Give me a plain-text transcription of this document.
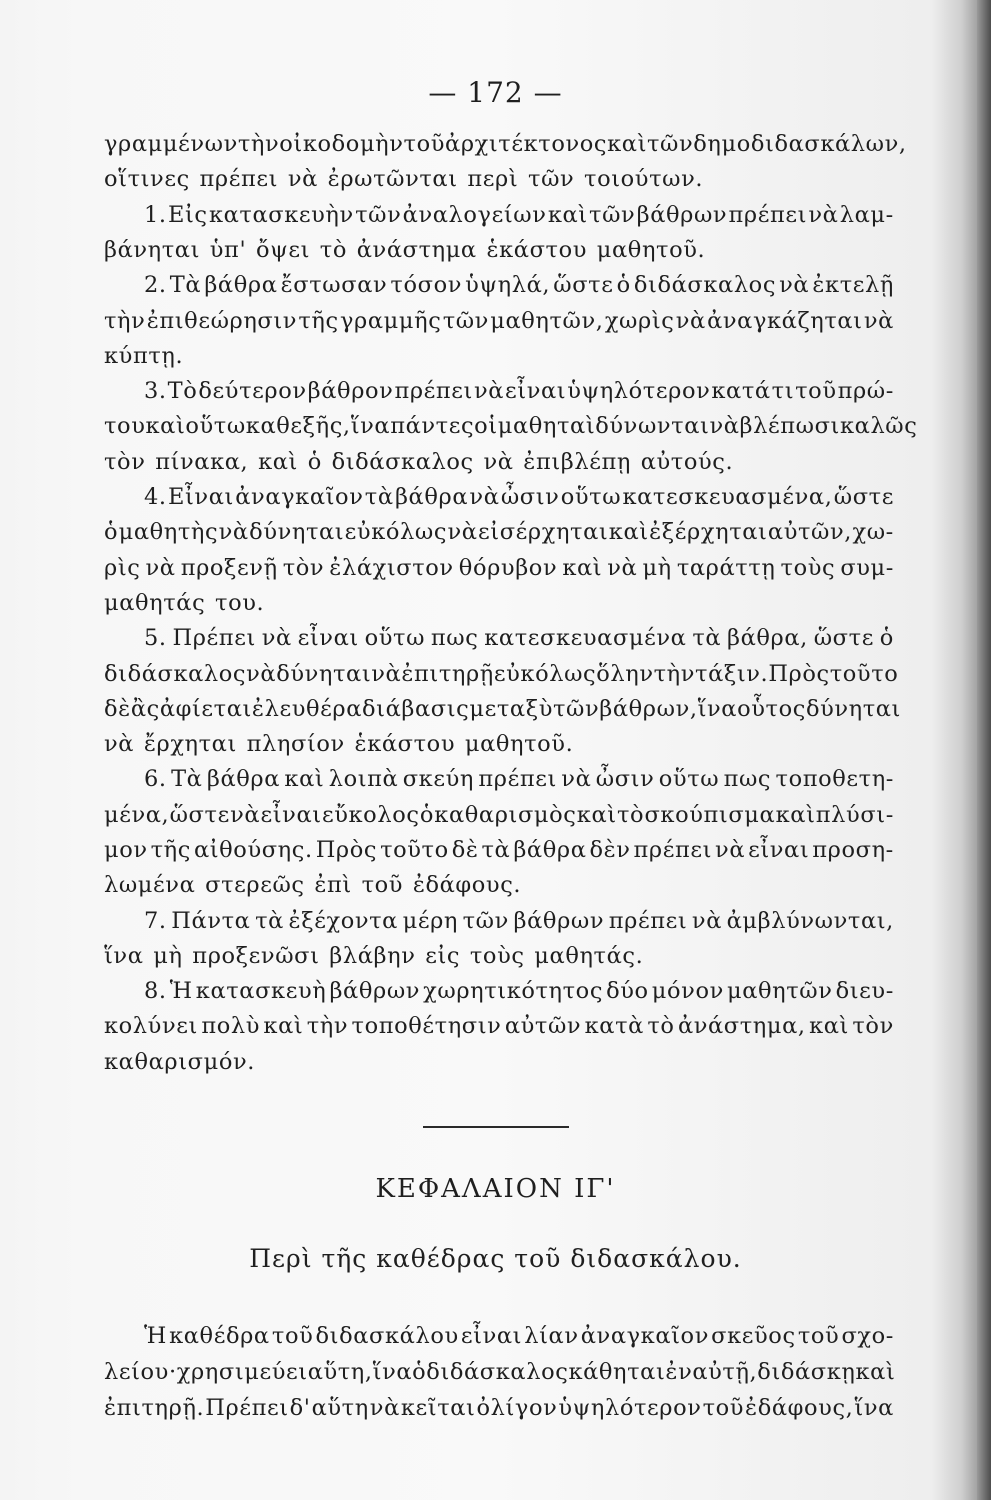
— 172 —
γραμμένων τὴν οἰκοδομὴν τοῦ ἀρχιτέκτονος καὶ τῶν δημοδιδασκάλων,
οἵτινες πρέπει νὰ ἐρωτῶνται περὶ τῶν τοιούτων.
1. Εἰς κατασκευὴν τῶν ἀναλογείων καὶ τῶν βάθρων πρέπει νὰ λαμ-
βάνηται ὑπ' ὄψει τὸ ἀνάστημα ἑκάστου μαθητοῦ.
2. Τὰ βάθρα ἔστωσαν τόσον ὑψηλά, ὥστε ὁ διδάσκαλος νὰ ἐκτελῇ
τὴν ἐπιθεώρησιν τῆς γραμμῆς τῶν μαθητῶν, χωρὶς νὰ ἀναγκάζηται νὰ
κύπτῃ.
3. Τὸ δεύτερον βάθρον πρέπει νὰ εἶναι ὑψηλότερον κατά τι τοῦ πρώ-
του καὶ οὕτω καθεξῆς, ἵνα πάντες οἱ μαθηταὶ δύνωνται νὰ βλέπωσι καλῶς
τὸν πίνακα, καὶ ὁ διδάσκαλος νὰ ἐπιβλέπῃ αὐτούς.
4. Εἶναι ἀναγκαῖον τὰ βάθρα νὰ ὦσιν οὕτω κατεσκευασμένα, ὥστε
ὁ μαθητὴς νὰ δύνηται εὐκόλως νὰ εἰσέρχηται καὶ ἐξέρχηται αὐτῶν, χω-
ρὶς νὰ προξενῇ τὸν ἐλάχιστον θόρυβον καὶ νὰ μὴ ταράττῃ τοὺς συμ-
μαθητάς του.
5. Πρέπει νὰ εἶναι οὕτω πως κατεσκευασμένα τὰ βάθρα, ὥστε ὁ
διδάσκαλος νὰ δύνηται νὰ ἐπιτηρῇ εὐκόλως ὅλην τὴν τάξιν. Πρὸς τοῦτο
δὲ ἂς ἀφίεται ἐλευθέρα διάβασις μεταξὺ τῶν βάθρων, ἵνα οὗτος δύνηται
νὰ ἔρχηται πλησίον ἑκάστου μαθητοῦ.
6. Τὰ βάθρα καὶ λοιπὰ σκεύη πρέπει νὰ ὦσιν οὕτω πως τοποθετη-
μένα, ὥστε νὰ εἶναι εὔκολος ὁ καθαρισμὸς καὶ τὸ σκούπισμα καὶ πλύσι-
μον τῆς αἰθούσης. Πρὸς τοῦτο δὲ τὰ βάθρα δὲν πρέπει νὰ εἶναι προση-
λωμένα στερεῶς ἐπὶ τοῦ ἐδάφους.
7. Πάντα τὰ ἐξέχοντα μέρη τῶν βάθρων πρέπει νὰ ἀμβλύνωνται,
ἵνα μὴ προξενῶσι βλάβην εἰς τοὺς μαθητάς.
8. Ἡ κατασκευὴ βάθρων χωρητικότητος δύο μόνον μαθητῶν διευ-
κολύνει πολὺ καὶ τὴν τοποθέτησιν αὐτῶν κατὰ τὸ ἀνάστημα, καὶ τὸν
καθαρισμόν.
ΚΕΦΑΛΑΙΟΝ ΙΓ'
Περὶ τῆς καθέδρας τοῦ διδασκάλου.
Ἡ καθέδρα τοῦ διδασκάλου εἶναι λίαν ἀναγκαῖον σκεῦος τοῦ σχο-
λείου· χρησιμεύει αὕτη, ἵνα ὁ διδάσκαλος κάθηται ἐν αὐτῇ, διδάσκῃ καὶ
ἐπιτηρῇ. Πρέπει δ' αὕτη νὰ κεῖται ὀλίγον ὑψηλότερον τοῦ ἐδάφους, ἵνα
